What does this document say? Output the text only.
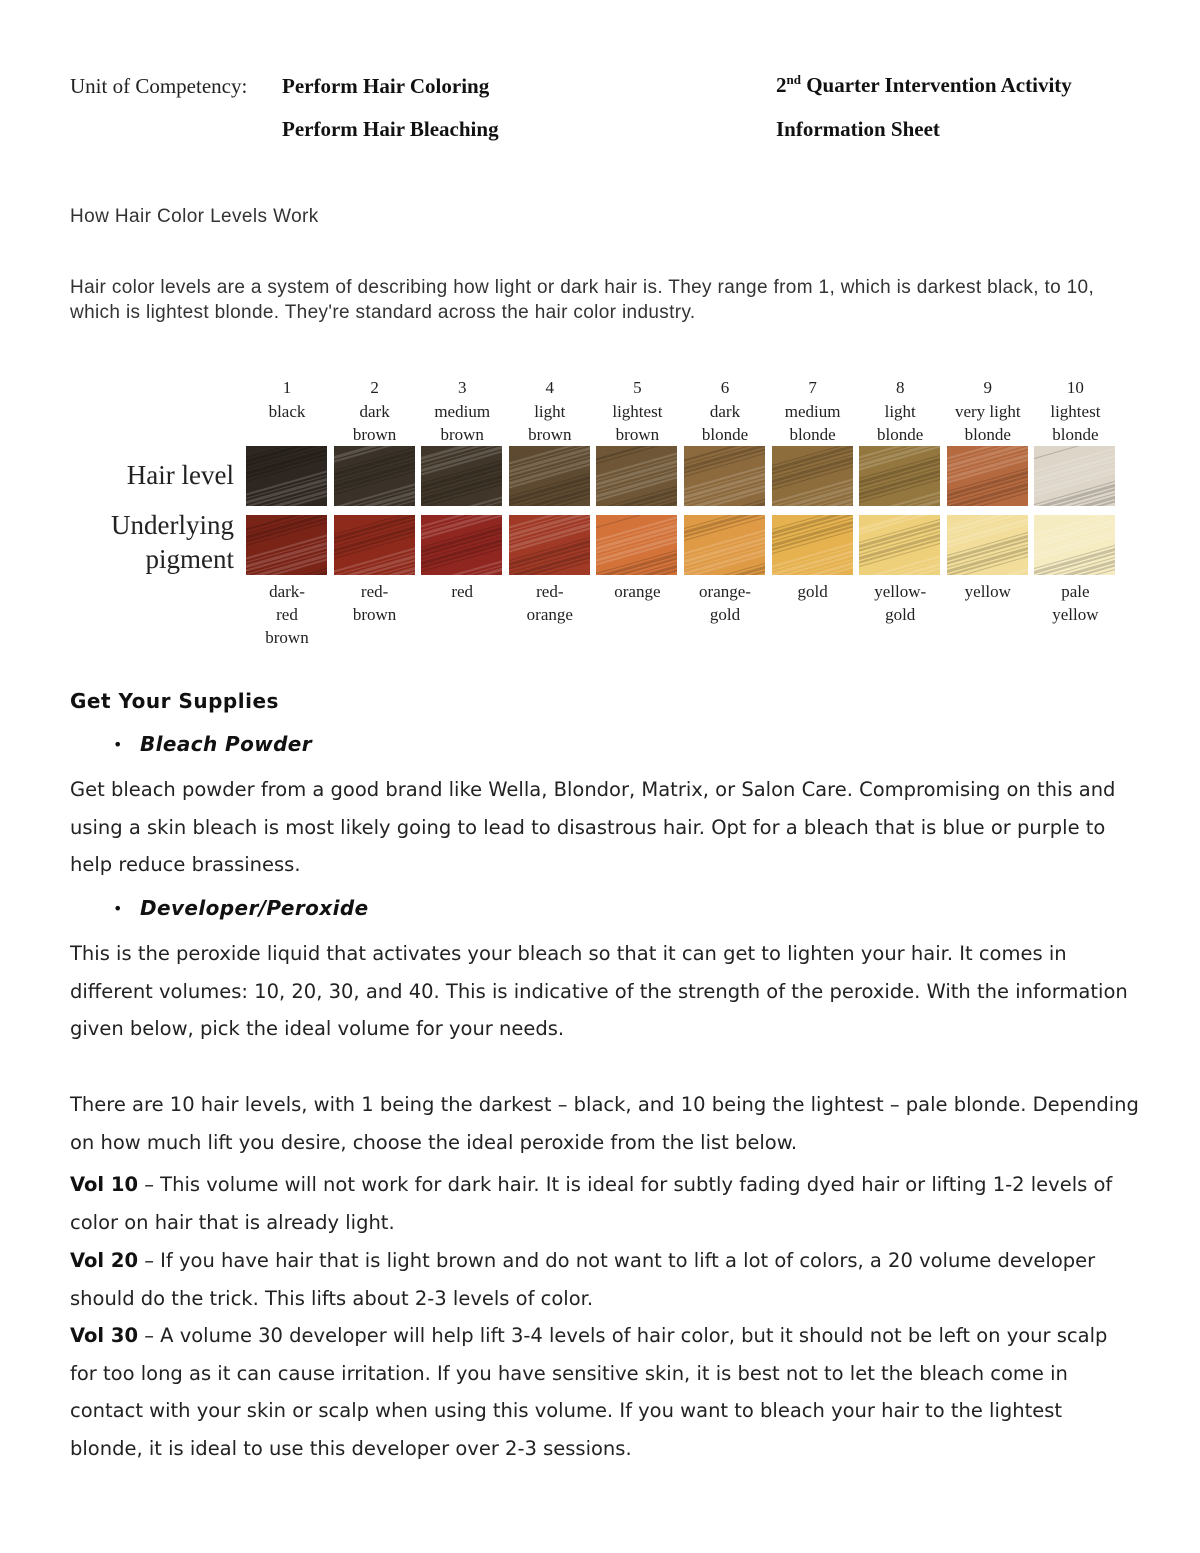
Unit of Competency: Perform Hair Coloring
Perform Hair Bleaching
2nd Quarter Intervention Activity
Information Sheet
How Hair Color Levels Work
Hair color levels are a system of describing how light or dark hair is. They range from 1, which is darkest black, to 10, which is lightest blonde. They're standard across the hair color industry.
Hair level
Underlying
pigment
1
black
dark-
red
brown
2
dark
brown
red-
brown
3
medium
brown
red
4
light
brown
red-
orange
5
lightest
brown
orange
6
dark
blonde
orange-
gold
7
medium
blonde
gold
8
light
blonde
yellow-
gold
9
very light
blonde
yellow
10
lightest
blonde
pale
yellow
Get Your Supplies
• Bleach Powder
Get bleach powder from a good brand like Wella, Blondor, Matrix, or Salon Care. Compromising on this and using a skin bleach is most likely going to lead to disastrous hair. Opt for a bleach that is blue or purple to help reduce brassiness.
• Developer/Peroxide
This is the peroxide liquid that activates your bleach so that it can get to lighten your hair. It comes in different volumes: 10, 20, 30, and 40. This is indicative of the strength of the peroxide. With the information given below, pick the ideal volume for your needs.
There are 10 hair levels, with 1 being the darkest – black, and 10 being the lightest – pale blonde. Depending on how much lift you desire, choose the ideal peroxide from the list below.
Vol 10 – This volume will not work for dark hair. It is ideal for subtly fading dyed hair or lifting 1-2 levels of color on hair that is already light.
Vol 20 – If you have hair that is light brown and do not want to lift a lot of colors, a 20 volume developer should do the trick. This lifts about 2-3 levels of color.
Vol 30 – A volume 30 developer will help lift 3-4 levels of hair color, but it should not be left on your scalp for too long as it can cause irritation. If you have sensitive skin, it is best not to let the bleach come in contact with your skin or scalp when using this volume. If you want to bleach your hair to the lightest blonde, it is ideal to use this developer over 2-3 sessions.
